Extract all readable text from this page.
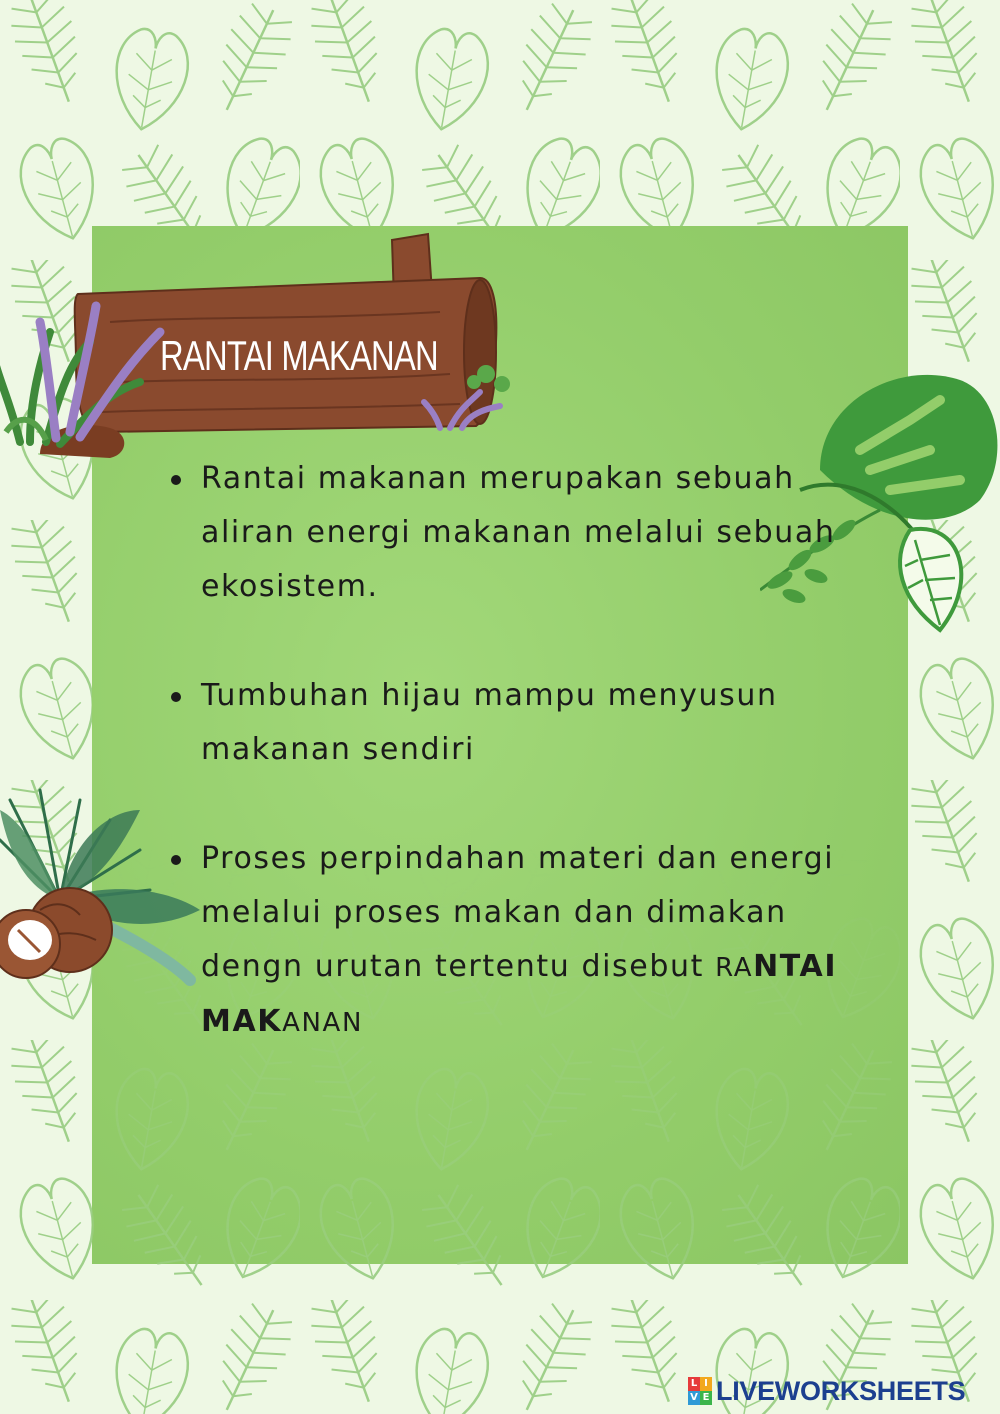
RANTAI MAKANAN
Rantai makanan merupakan sebuah aliran energi makanan melalui sebuah ekosistem.
Tumbuhan hijau mampu menyusun makanan sendiri
Proses perpindahan materi dan energi melalui proses makan dan dimakan dengn urutan tertentu disebut RANTAI MAKANAN
L I
V E LIVEWORKSHEETS
